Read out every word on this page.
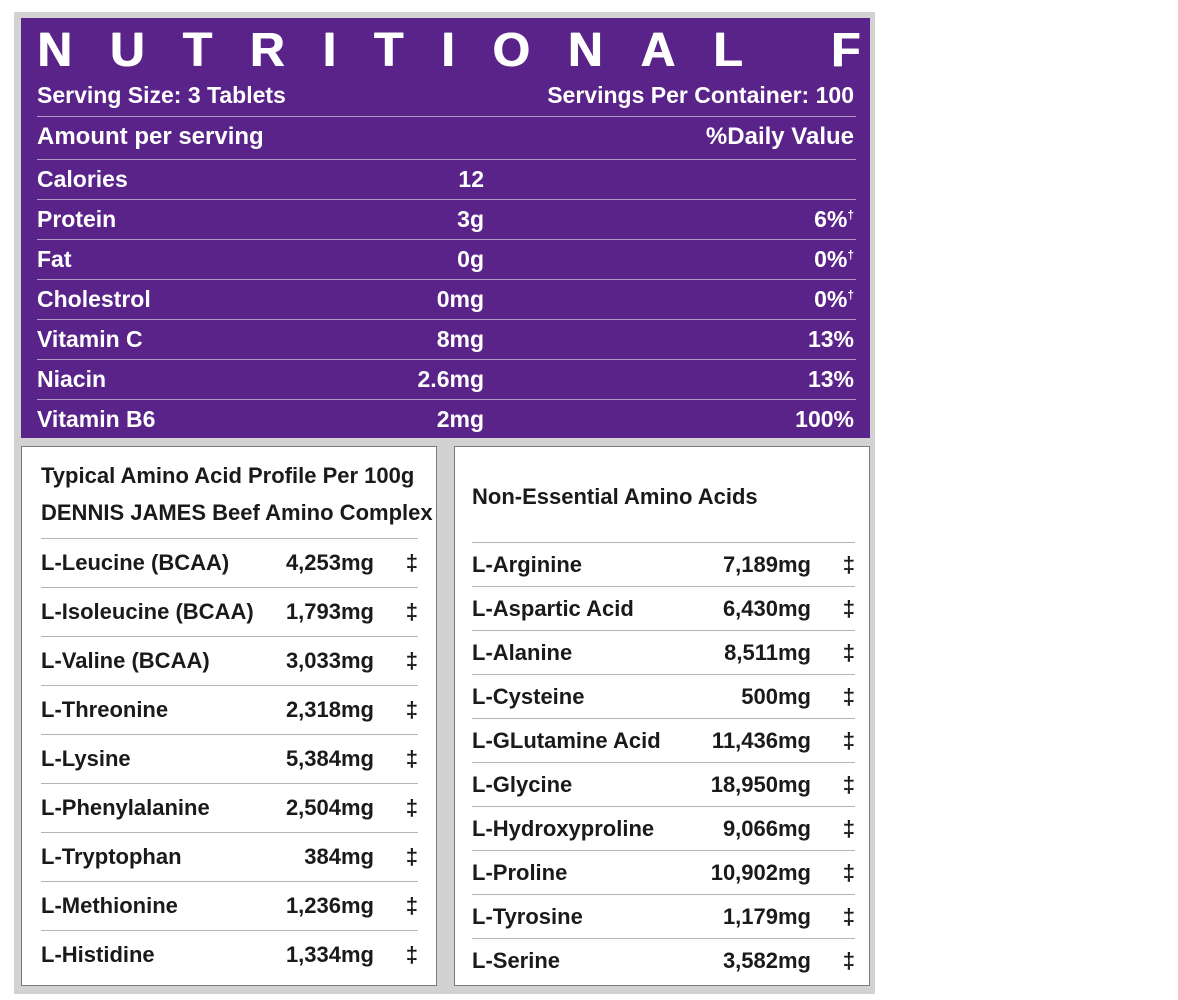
NUTRITIONAL FACTS
Serving Size: 3 Tablets	Servings Per Container: 100
Amount per serving	%Daily Value
Calories	12
Protein	3g	6%†
Fat	0g	0%†
Cholestrol	0mg	0%†
Vitamin C	8mg	13%
Niacin	2.6mg	13%
Vitamin B6	2mg	100%
Typical Amino Acid Profile Per 100g
DENNIS JAMES Beef Amino Complex
L-Leucine (BCAA)	4,253mg	‡
L-Isoleucine (BCAA)	1,793mg	‡
L-Valine (BCAA)	3,033mg	‡
L-Threonine	2,318mg	‡
L-Lysine	5,384mg	‡
L-Phenylalanine	2,504mg	‡
L-Tryptophan	384mg	‡
L-Methionine	1,236mg	‡
L-Histidine	1,334mg	‡
Non-Essential Amino Acids
L-Arginine	7,189mg	‡
L-Aspartic Acid	6,430mg	‡
L-Alanine	8,511mg	‡
L-Cysteine	500mg	‡
L-GLutamine Acid	11,436mg	‡
L-Glycine	18,950mg	‡
L-Hydroxyproline	9,066mg	‡
L-Proline	10,902mg	‡
L-Tyrosine	1,179mg	‡
L-Serine	3,582mg	‡
